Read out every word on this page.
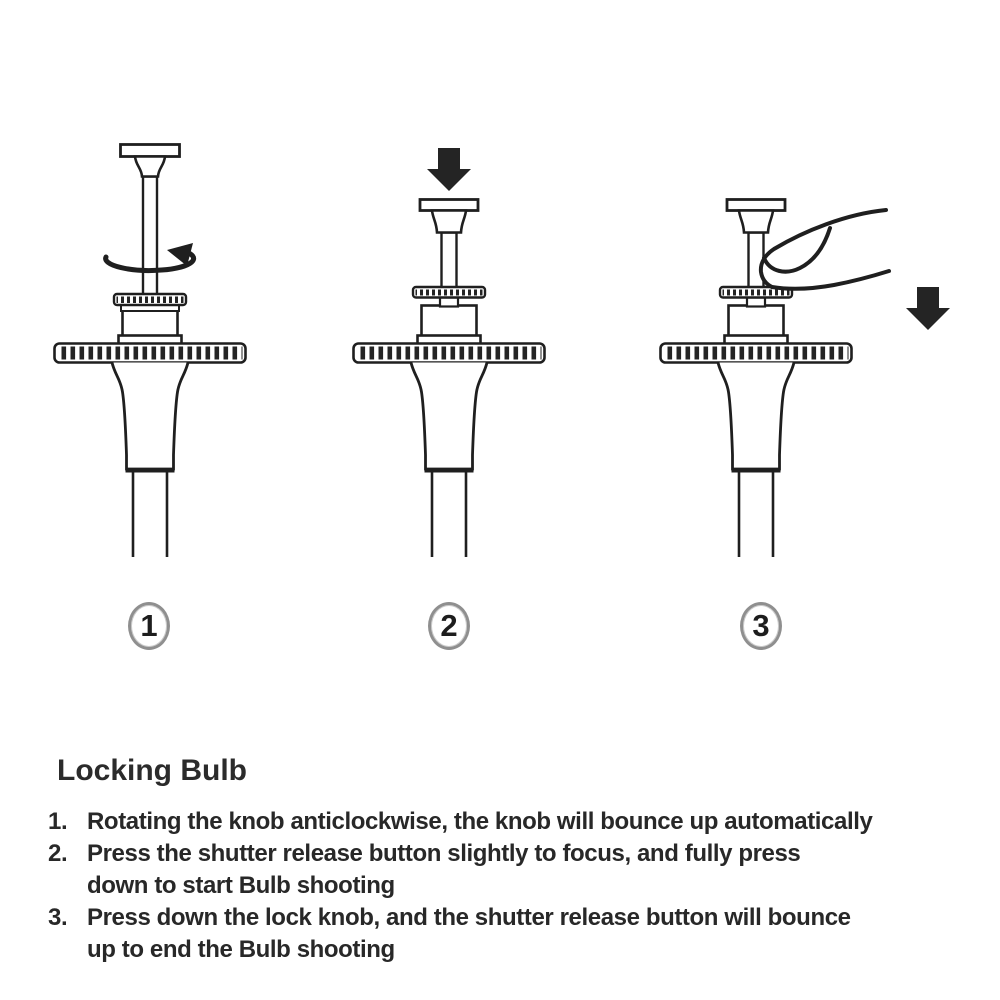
1	2	3
Locking Bulb
1. Rotating the knob anticlockwise, the knob will bounce up automatically
2. Press the shutter release button slightly to focus, and fully press
down to start Bulb shooting
3. Press down the lock knob, and the shutter release button will bounce
up to end the Bulb shooting
